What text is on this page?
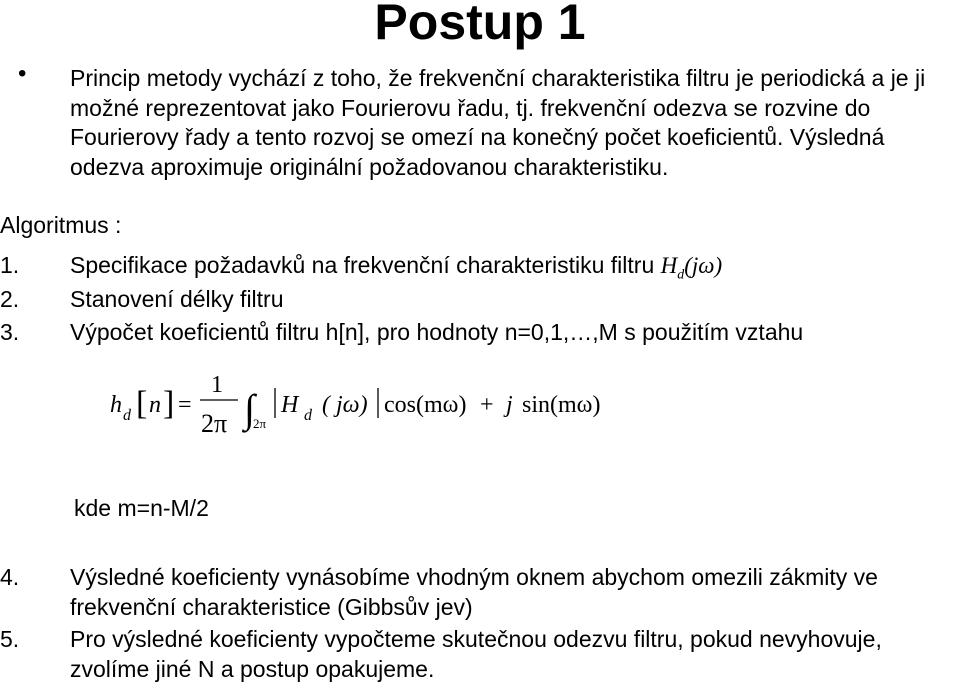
Postup 1
• Princip metody vychází z toho, že frekvenční charakteristika filtru je periodická a je ji možné reprezentovat jako Fourierovu řadu, tj. frekvenční odezva se rozvine do Fourierovy řady a tento rozvoj se omezí na konečný počet koeficientů. Výsledná odezva aproximuje originální požadovanou charakteristiku.
Algoritmus :
1. Specifikace požadavků na frekvenční charakteristiku filtru $H_d(j\omega)$
2. Stanovení délky filtru
3. Výpočet koeficientů filtru h[n], pro hodnoty n=0,1,…,M s použitím vztahu
h d [ n ] =
1
2π ∫
2π
H d ( jω) cos(mω) + j sin(mω)
kde m=n-M/2
4. Výsledné koeficienty vynásobíme vhodným oknem abychom omezili zákmity ve frekvenční charakteristice (Gibbsův jev)
5. Pro výsledné koeficienty vypočteme skutečnou odezvu filtru, pokud nevyhovuje, zvolíme jiné N a postup opakujeme.
